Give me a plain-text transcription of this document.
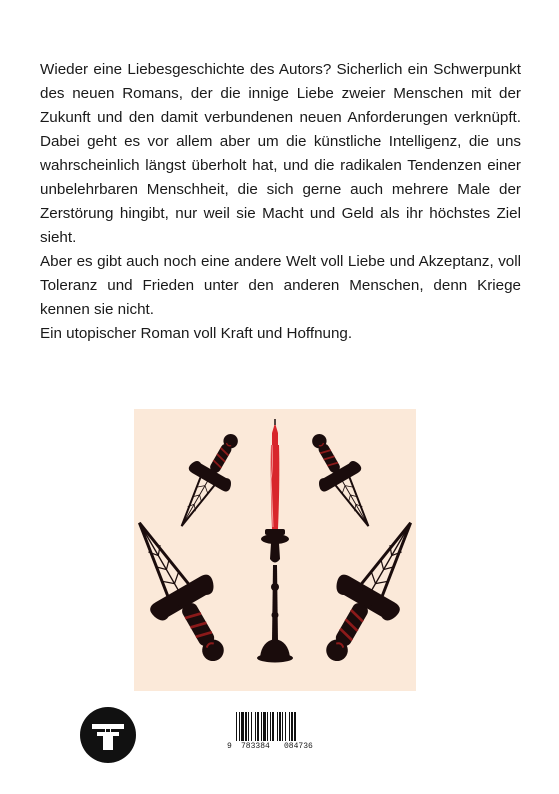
Wieder eine Liebesgeschichte des Autors? Sicherlich ein Schwerpunkt des neuen Romans, der die innige Liebe zweier Menschen mit der Zukunft und den damit verbundenen neuen Anforderungen verknüpft. Dabei geht es vor allem aber um die künstliche Intelligenz, die uns wahrscheinlich längst überholt hat, und die radikalen Tendenzen einer unbelehrbaren Menschheit, die sich gerne auch mehrere Male der Zerstörung hingibt, nur weil sie Macht und Geld als ihr höchstes Ziel sieht.

Aber es gibt auch noch eine andere Welt voll Liebe und Akzeptanz, voll Toleranz und Frieden unter den anderen Menschen, denn Kriege kennen sie nicht.

Ein utopischer Roman voll Kraft und Hoffnung.

9 783384 084736
